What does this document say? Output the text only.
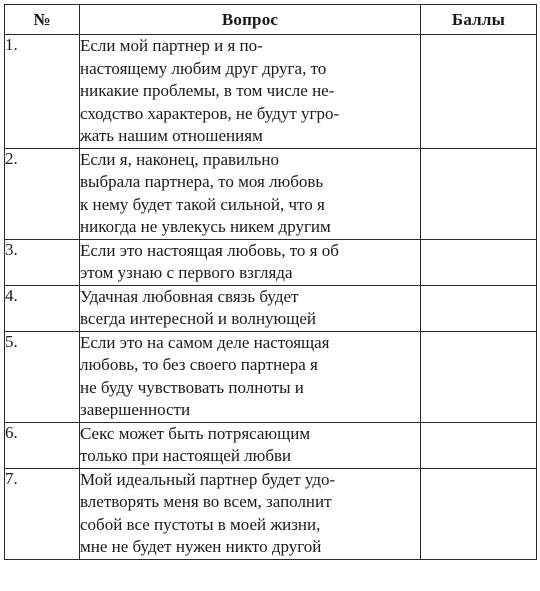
№	Вопрос	Баллы
1.	Если мой партнер и я по-
настоящему любим друг друга, то
никакие проблемы, в том числе не-
сходство характеров, не будут угро-
жать нашим отношениям	

2.	Если я, наконец, правильно
выбрала партнера, то моя любовь
к нему будет такой сильной, что я
никогда не увлекусь никем другим	

3.	Если это настоящая любовь, то я об
этом узнаю с первого взгляда	

4.	Удачная любовная связь будет
всегда интересной и волнующей	

5.	Если это на самом деле настоящая
любовь, то без своего партнера я
не буду чувствовать полноты и
завершенности	

6.	Секс может быть потрясающим
только при настоящей любви	

7.	Мой идеальный партнер будет удо-
влетворять меня во всем, заполнит
собой все пустоты в моей жизни,
мне не будет нужен никто другой	
